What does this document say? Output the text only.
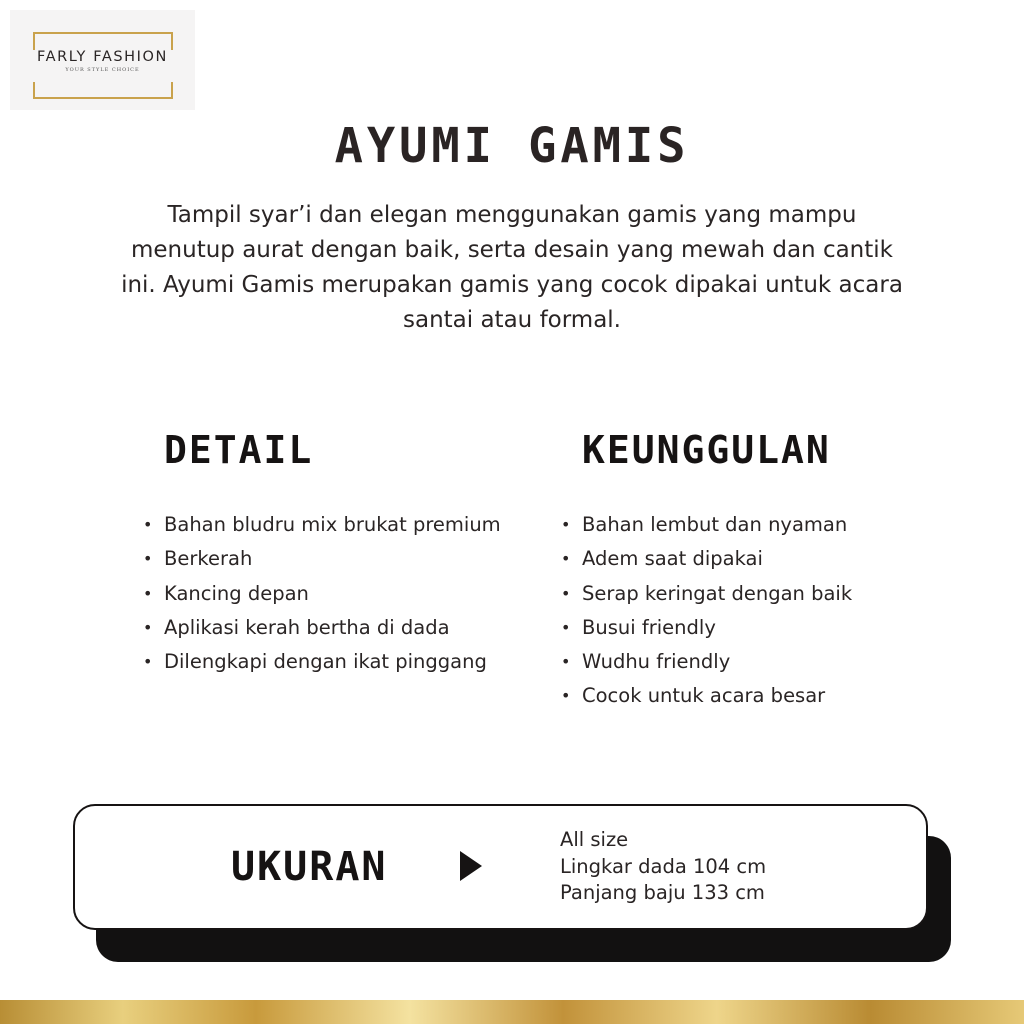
FARLY FASHION
YOUR STYLE CHOICE
AYUMI GAMIS

Tampil syar’i dan elegan menggunakan gamis yang mampu menutup aurat dengan baik, serta desain yang mewah dan cantik ini. Ayumi Gamis merupakan gamis yang cocok dipakai untuk acara santai atau formal.

DETAIL
• Bahan bludru mix brukat premium
• Berkerah
• Kancing depan
• Aplikasi kerah bertha di dada
• Dilengkapi dengan ikat pinggang
KEUNGGULAN
• Bahan lembut dan nyaman
• Adem saat dipakai
• Serap keringat dengan baik
• Busui friendly
• Wudhu friendly
• Cocok untuk acara besar
UKURAN
All size
Lingkar dada 104 cm
Panjang baju 133 cm
